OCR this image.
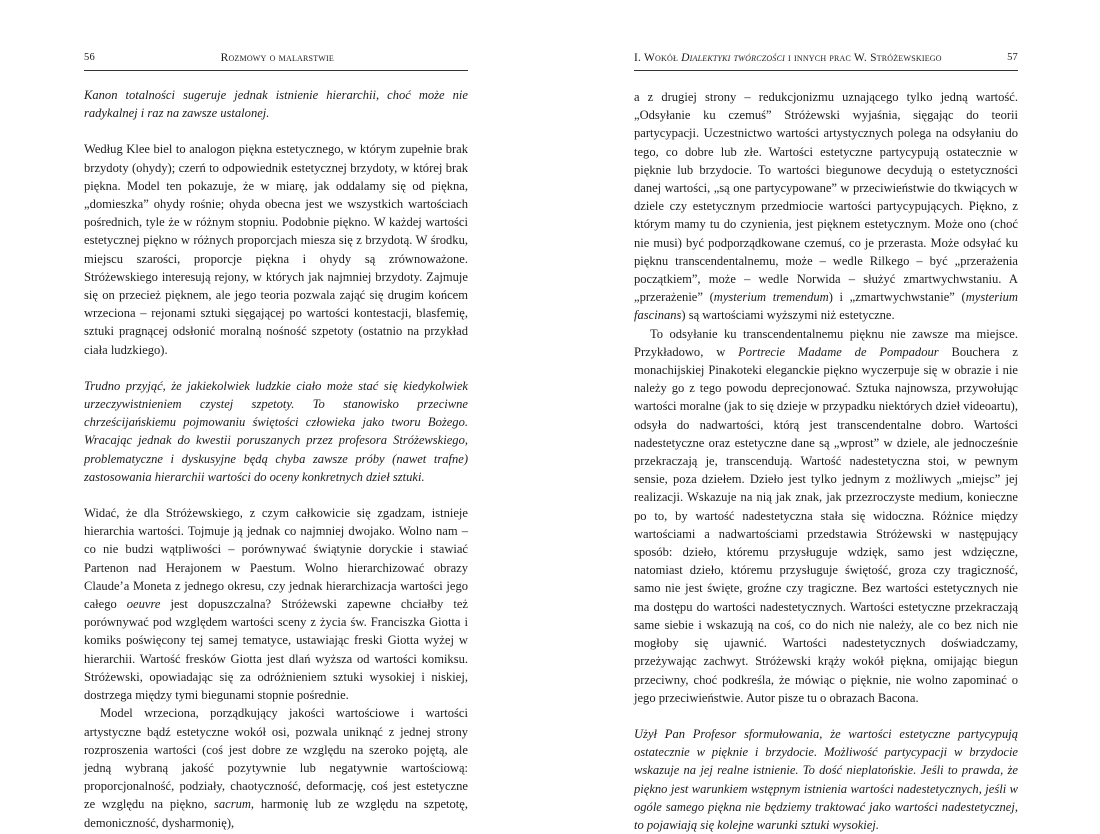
56	Rozmowy o malarstwie

Kanon totalności sugeruje jednak istnienie hierarchii, choć może nie radykalnej i raz na zawsze ustalonej.

Według Klee biel to analogon piękna estetycznego, w którym zupełnie brak brzydoty (ohydy); czerń to odpowiednik estetycznej brzydoty, w której brak piękna. Model ten pokazuje, że w miarę, jak oddalamy się od piękna, „domieszka” ohydy rośnie; ohyda obecna jest we wszystkich wartościach pośrednich, tyle że w różnym stopniu. Podobnie piękno. W każdej wartości estetycznej piękno w różnych proporcjach miesza się z brzydotą. W środku, miejscu szarości, proporcje piękna i ohydy są zrównoważone. Stróżewskiego interesują rejony, w których jak najmniej brzydoty. Zajmuje się on przecież pięknem, ale jego teoria pozwala zająć się drugim końcem wrzeciona – rejonami sztuki sięgającej po wartości kontestacji, blasfemię, sztuki pragnącej odsłonić moralną nośność szpetoty (ostatnio na przykład ciała ludzkiego).

Trudno przyjąć, że jakiekolwiek ludzkie ciało może stać się kiedykolwiek urzeczywistnieniem czystej szpetoty. To stanowisko przeciwne chrześcijańskiemu pojmowaniu świętości człowieka jako tworu Bożego. Wracając jednak do kwestii poruszanych przez profesora Stróżewskiego, problematyczne i dyskusyjne będą chyba zawsze próby (nawet trafne) zastosowania hierarchii wartości do oceny konkretnych dzieł sztuki.

Widać, że dla Stróżewskiego, z czym całkowicie się zgadzam, istnieje hierarchia wartości. Tojmuje ją jednak co najmniej dwojako. Wolno nam – co nie budzi wątpliwości – porównywać świątynie doryckie i stawiać Partenon nad Herajonem w Paestum. Wolno hierarchizować obrazy Claude’a Moneta z jednego okresu, czy jednak hierarchizacja wartości jego całego oeuvre jest dopuszczalna? Stróżewski zapewne chciałby też porównywać pod względem wartości sceny z życia św. Franciszka Giotta i komiks poświęcony tej samej tematyce, ustawiając freski Giotta wyżej w hierarchii. Wartość fresków Giotta jest dlań wyższa od wartości komiksu. Stróżewski, opowiadając się za odróżnieniem sztuki wysokiej i niskiej, dostrzega między tymi biegunami stopnie pośrednie.

Model wrzeciona, porządkujący jakości wartościowe i wartości artystyczne bądź estetyczne wokół osi, pozwala uniknąć z jednej strony rozproszenia wartości (coś jest dobre ze względu na szeroko pojętą, ale jedną wybraną jakość pozytywnie lub negatywnie wartościową: proporcjonalność, podziały, chaotyczność, deformację, coś jest estetyczne ze względu na piękno, sacrum, harmonię lub ze względu na szpetotę, demoniczność, dysharmonię),

I. Wokół Dialektyki twórczości i innych prac W. Stróżewskiego	57

a z drugiej strony – redukcjonizmu uznającego tylko jedną wartość. „Odsyłanie ku czemuś” Stróżewski wyjaśnia, sięgając do teorii partycypacji. Uczestnictwo wartości artystycznych polega na odsyłaniu do tego, co dobre lub złe. Wartości estetyczne partycypują ostatecznie w pięknie lub brzydocie. To wartości biegunowe decydują o estetyczności danej wartości, „są one partycypowane” w przeciwieństwie do tkwiących w dziele czy estetycznym przedmiocie wartości partycypujących. Piękno, z którym mamy tu do czynienia, jest pięknem estetycznym. Może ono (choć nie musi) być podporządkowane czemuś, co je przerasta. Może odsyłać ku pięknu transcendentalnemu, może – wedle Rilkego – być „przerażenia początkiem”, może – wedle Norwida – służyć zmartwychwstaniu. A „przerażenie” (mysterium tremendum) i „zmartwychwstanie” (mysterium fascinans) są wartościami wyższymi niż estetyczne.

To odsyłanie ku transcendentalnemu pięknu nie zawsze ma miejsce. Przykładowo, w Portrecie Madame de Pompadour Bouchera z monachijskiej Pinakoteki eleganckie piękno wyczerpuje się w obrazie i nie należy go z tego powodu deprecjonować. Sztuka najnowsza, przywołując wartości moralne (jak to się dzieje w przypadku niektórych dzieł videoartu), odsyła do nadwartości, którą jest transcendentalne dobro. Wartości nadestetyczne oraz estetyczne dane są „wprost” w dziele, ale jednocześnie przekraczają je, transcendują. Wartość nadestetyczna stoi, w pewnym sensie, poza dziełem. Dzieło jest tylko jednym z możliwych „miejsc” jej realizacji. Wskazuje na nią jak znak, jak przezroczyste medium, konieczne po to, by wartość nadestetyczna stała się widoczna. Różnice między wartościami a nadwartościami przedstawia Stróżewski w następujący sposób: dzieło, któremu przysługuje wdzięk, samo jest wdzięczne, natomiast dzieło, któremu przysługuje świętość, groza czy tragiczność, samo nie jest święte, groźne czy tragiczne. Bez wartości estetycznych nie ma dostępu do wartości nadestetycznych. Wartości estetyczne przekraczają same siebie i wskazują na coś, co do nich nie należy, ale co bez nich nie mogłoby się ujawnić. Wartości nadestetycznych doświadczamy, przeżywając zachwyt. Stróżewski krąży wokół piękna, omijając biegun przeciwny, choć podkreśla, że mówiąc o pięknie, nie wolno zapominać o jego przeciwieństwie. Autor pisze tu o obrazach Bacona.

Użył Pan Profesor sformułowania, że wartości estetyczne partycypują ostatecznie w pięknie i brzydocie. Możliwość partycypacji w brzydocie wskazuje na jej realne istnienie. To dość nieplatońskie. Jeśli to prawda, że piękno jest warunkiem wstępnym istnienia wartości nadestetycznych, jeśli w ogóle samego piękna nie będziemy traktować jako wartości nadestetycznej, to pojawiają się kolejne warunki sztuki wysokiej.
